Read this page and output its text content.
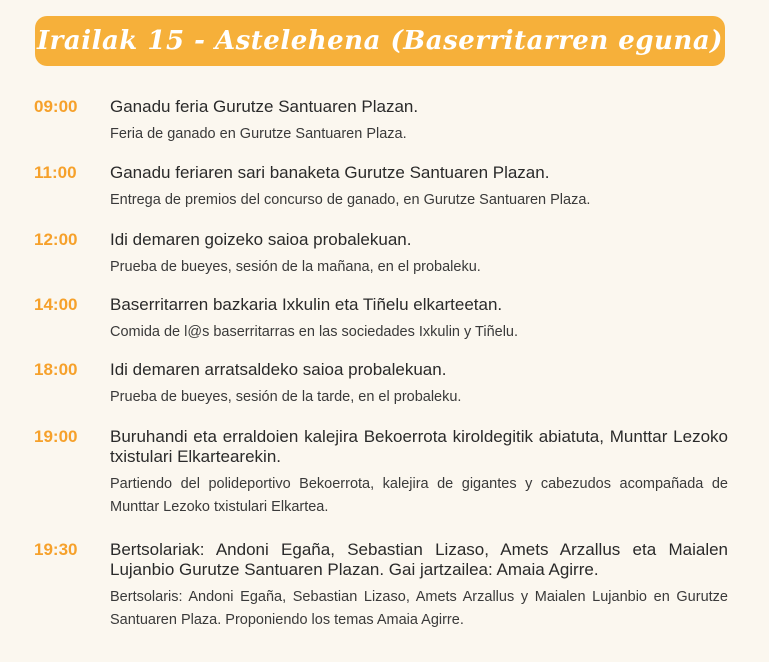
Irailak 15 - Astelehena (Baserritarren eguna)
09:00 Ganadu feria Gurutze Santuaren Plazan.
Feria de ganado en Gurutze Santuaren Plaza.
11:00 Ganadu feriaren sari banaketa Gurutze Santuaren Plazan.
Entrega de premios del concurso de ganado, en Gurutze Santuaren Plaza.
12:00 Idi demaren goizeko saioa probalekuan.
Prueba de bueyes, sesión de la mañana, en el probaleku.
14:00 Baserritarren bazkaria Ixkulin eta Tiñelu elkarteetan.
Comida de l@s baserritarras en las sociedades Ixkulin y Tiñelu.
18:00 Idi demaren arratsaldeko saioa probalekuan.
Prueba de bueyes, sesión de la tarde, en el probaleku.
19:00 Buruhandi eta erraldoien kalejira Bekoerrota kiroldegitik abiatuta, Munttar Lezoko txistulari Elkartearekin.
Partiendo del polideportivo Bekoerrota, kalejira de gigantes y cabezudos acompañada de Munttar Lezoko txistulari Elkartea.
19:30 Bertsolariak: Andoni Egaña, Sebastian Lizaso, Amets Arzallus eta Maialen Lujanbio Gurutze Santuaren Plazan. Gai jartzailea: Amaia Agirre.
Bertsolaris: Andoni Egaña, Sebastian Lizaso, Amets Arzallus y Maialen Lujanbio en Gurutze Santuaren Plaza. Proponiendo los temas Amaia Agirre.
